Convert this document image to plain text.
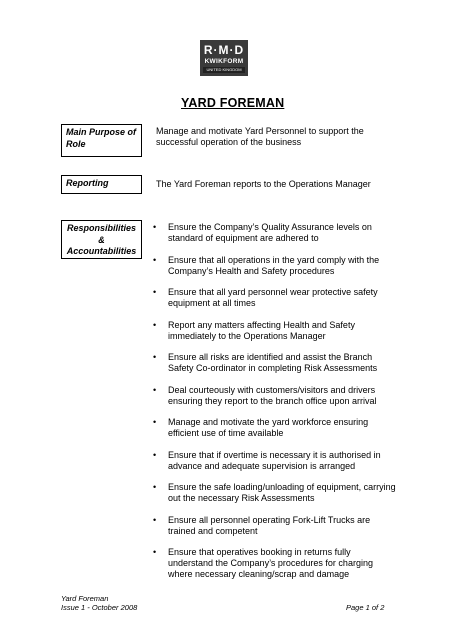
R·M·D
KWIKFORM
UNITED KINGDOM
YARD FOREMAN
Main Purpose of Role
Manage and motivate Yard Personnel to support the successful operation of the business
Reporting	The Yard Foreman reports to the Operations Manager
Responsibilities
&
Accountabilities
• Ensure the Company’s Quality Assurance levels on standard of equipment are adhered to
• Ensure that all operations in the yard comply with the Company’s Health and Safety procedures
• Ensure that all yard personnel wear protective safety equipment at all times
• Report any matters affecting Health and Safety immediately to the Operations Manager
• Ensure all risks are identified and assist the Branch Safety Co-ordinator in completing Risk Assessments
• Deal courteously with customers/visitors and drivers ensuring they report to the branch office upon arrival
• Manage and motivate the yard workforce ensuring efficient use of time available
• Ensure that if overtime is necessary it is authorised in advance and adequate supervision is arranged
• Ensure the safe loading/unloading of equipment, carrying out the necessary Risk Assessments
• Ensure all personnel operating Fork-Lift Trucks are trained and competent
• Ensure that operatives booking in returns fully understand the Company’s procedures for charging where necessary cleaning/scrap and damage
Yard Foreman
Issue 1 - October 2008	Page 1 of 2
